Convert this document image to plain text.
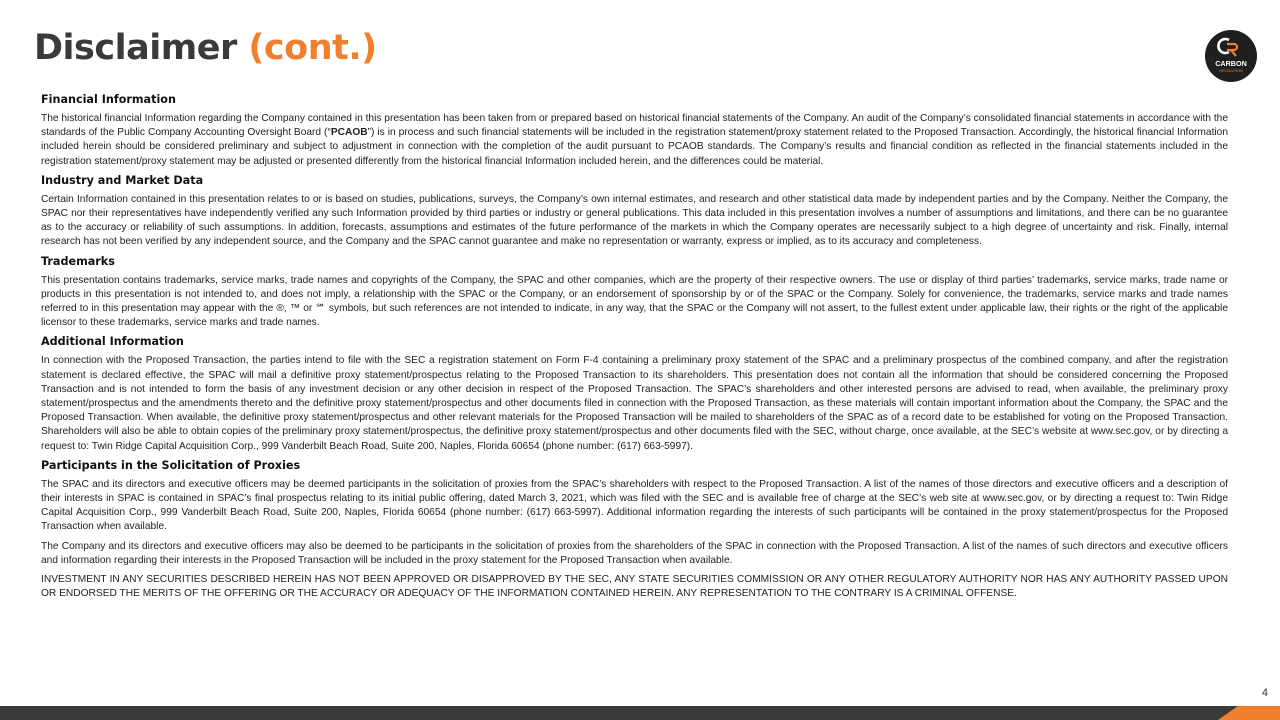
Disclaimer (cont.)	CARBON
REVOLUTION
Financial Information

The historical financial Information regarding the Company contained in this presentation has been taken from or prepared based on historical financial statements of the Company. An audit of the Company’s consolidated financial statements in accordance with the standards of the Public Company Accounting Oversight Board (“PCAOB”) is in process and such financial statements will be included in the registration statement/proxy statement related to the Proposed Transaction. Accordingly, the historical financial Information included herein should be considered preliminary and subject to adjustment in connection with the completion of the audit pursuant to PCAOB standards. The Company’s results and financial condition as reflected in the financial statements included in the registration statement/proxy statement may be adjusted or presented differently from the historical financial Information included herein, and the differences could be material.

Industry and Market Data

Certain Information contained in this presentation relates to or is based on studies, publications, surveys, the Company’s own internal estimates, and research and other statistical data made by independent parties and by the Company. Neither the Company, the SPAC nor their representatives have independently verified any such Information provided by third parties or industry or general publications. This data included in this presentation involves a number of assumptions and limitations, and there can be no guarantee as to the accuracy or reliability of such assumptions. In addition, forecasts, assumptions and estimates of the future performance of the markets in which the Company operates are necessarily subject to a high degree of uncertainty and risk. Finally, internal research has not been verified by any independent source, and the Company and the SPAC cannot guarantee and make no representation or warranty, express or implied, as to its accuracy and completeness.

Trademarks

This presentation contains trademarks, service marks, trade names and copyrights of the Company, the SPAC and other companies, which are the property of their respective owners. The use or display of third parties’ trademarks, service marks, trade name or products in this presentation is not intended to, and does not imply, a relationship with the SPAC or the Company, or an endorsement of sponsorship by or of the SPAC or the Company. Solely for convenience, the trademarks, service marks and trade names referred to in this presentation may appear with the ®, ™ or ℠ symbols, but such references are not intended to indicate, in any way, that the SPAC or the Company will not assert, to the fullest extent under applicable law, their rights or the right of the applicable licensor to these trademarks, service marks and trade names.

Additional Information

In connection with the Proposed Transaction, the parties intend to file with the SEC a registration statement on Form F-4 containing a preliminary proxy statement of the SPAC and a preliminary prospectus of the combined company, and after the registration statement is declared effective, the SPAC will mail a definitive proxy statement/prospectus relating to the Proposed Transaction to its shareholders. This presentation does not contain all the information that should be considered concerning the Proposed Transaction and is not intended to form the basis of any investment decision or any other decision in respect of the Proposed Transaction. The SPAC’s shareholders and other interested persons are advised to read, when available, the preliminary proxy statement/prospectus and the amendments thereto and the definitive proxy statement/prospectus and other documents filed in connection with the Proposed Transaction, as these materials will contain important information about the Company, the SPAC and the Proposed Transaction. When available, the definitive proxy statement/prospectus and other relevant materials for the Proposed Transaction will be mailed to shareholders of the SPAC as of a record date to be established for voting on the Proposed Transaction. Shareholders will also be able to obtain copies of the preliminary proxy statement/prospectus, the definitive proxy statement/prospectus and other documents filed with the SEC, without charge, once available, at the SEC’s website at www.sec.gov, or by directing a request to: Twin Ridge Capital Acquisition Corp., 999 Vanderbilt Beach Road, Suite 200, Naples, Florida 60654 (phone number: (617) 663-5997).

Participants in the Solicitation of Proxies

The SPAC and its directors and executive officers may be deemed participants in the solicitation of proxies from the SPAC’s shareholders with respect to the Proposed Transaction. A list of the names of those directors and executive officers and a description of their interests in SPAC is contained in SPAC’s final prospectus relating to its initial public offering, dated March 3, 2021, which was filed with the SEC and is available free of charge at the SEC’s web site at www.sec.gov, or by directing a request to: Twin Ridge Capital Acquisition Corp., 999 Vanderbilt Beach Road, Suite 200, Naples, Florida 60654 (phone number: (617) 663-5997). Additional information regarding the interests of such participants will be contained in the proxy statement/prospectus for the Proposed Transaction when available.

The Company and its directors and executive officers may also be deemed to be participants in the solicitation of proxies from the shareholders of the SPAC in connection with the Proposed Transaction. A list of the names of such directors and executive officers and information regarding their interests in the Proposed Transaction will be included in the proxy statement for the Proposed Transaction when available.

INVESTMENT IN ANY SECURITIES DESCRIBED HEREIN HAS NOT BEEN APPROVED OR DISAPPROVED BY THE SEC, ANY STATE SECURITIES COMMISSION OR ANY OTHER REGULATORY AUTHORITY NOR HAS ANY AUTHORITY PASSED UPON OR ENDORSED THE MERITS OF THE OFFERING OR THE ACCURACY OR ADEQUACY OF THE INFORMATION CONTAINED HEREIN. ANY REPRESENTATION TO THE CONTRARY IS A CRIMINAL OFFENSE.

4
